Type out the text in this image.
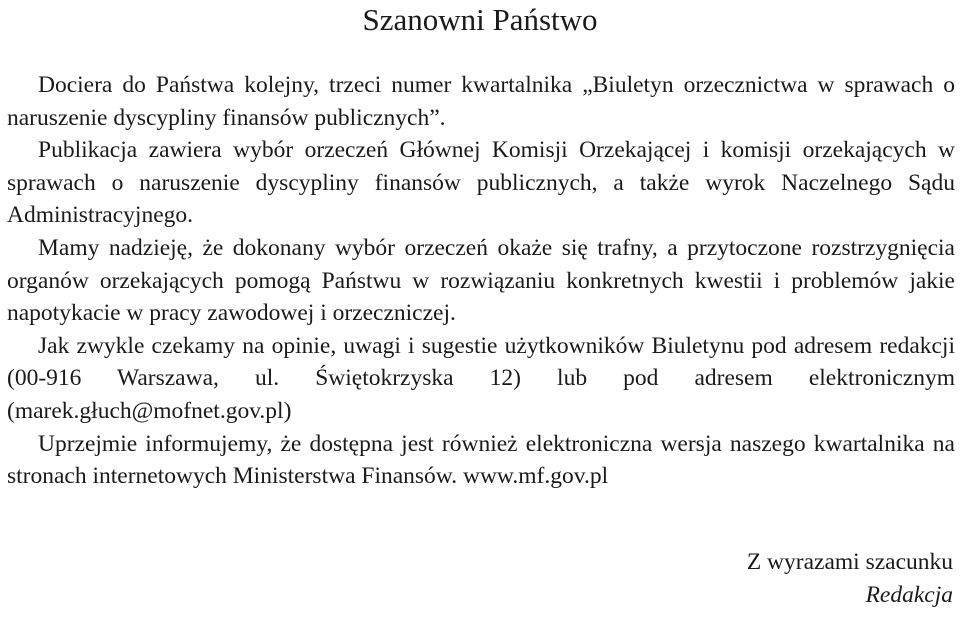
Szanowni Państwo

Dociera do Państwa kolejny, trzeci numer kwartalnika „Biuletyn orzecznictwa w sprawach o naruszenie dyscypliny finansów publicznych”.

Publikacja zawiera wybór orzeczeń Głównej Komisji Orzekającej i komisji orzekających w sprawach o naruszenie dyscypliny finansów publicznych, a także wyrok Naczelnego Sądu Administracyjnego.

Mamy nadzieję, że dokonany wybór orzeczeń okaże się trafny, a przytoczone rozstrzygnięcia organów orzekających pomogą Państwu w rozwiązaniu konkretnych kwestii i problemów jakie napotykacie w pracy zawodowej i orzeczniczej.

Jak zwykle czekamy na opinie, uwagi i sugestie użytkowników Biuletynu pod adresem redakcji (00-916 Warszawa, ul. Świętokrzyska 12) lub pod adresem elektronicznym (marek.głuch@mofnet.gov.pl)

Uprzejmie informujemy, że dostępna jest również elektroniczna wersja naszego kwartalnika na stronach internetowych Ministerstwa Finansów. www.mf.gov.pl

Z wyrazami szacunku
Redakcja
